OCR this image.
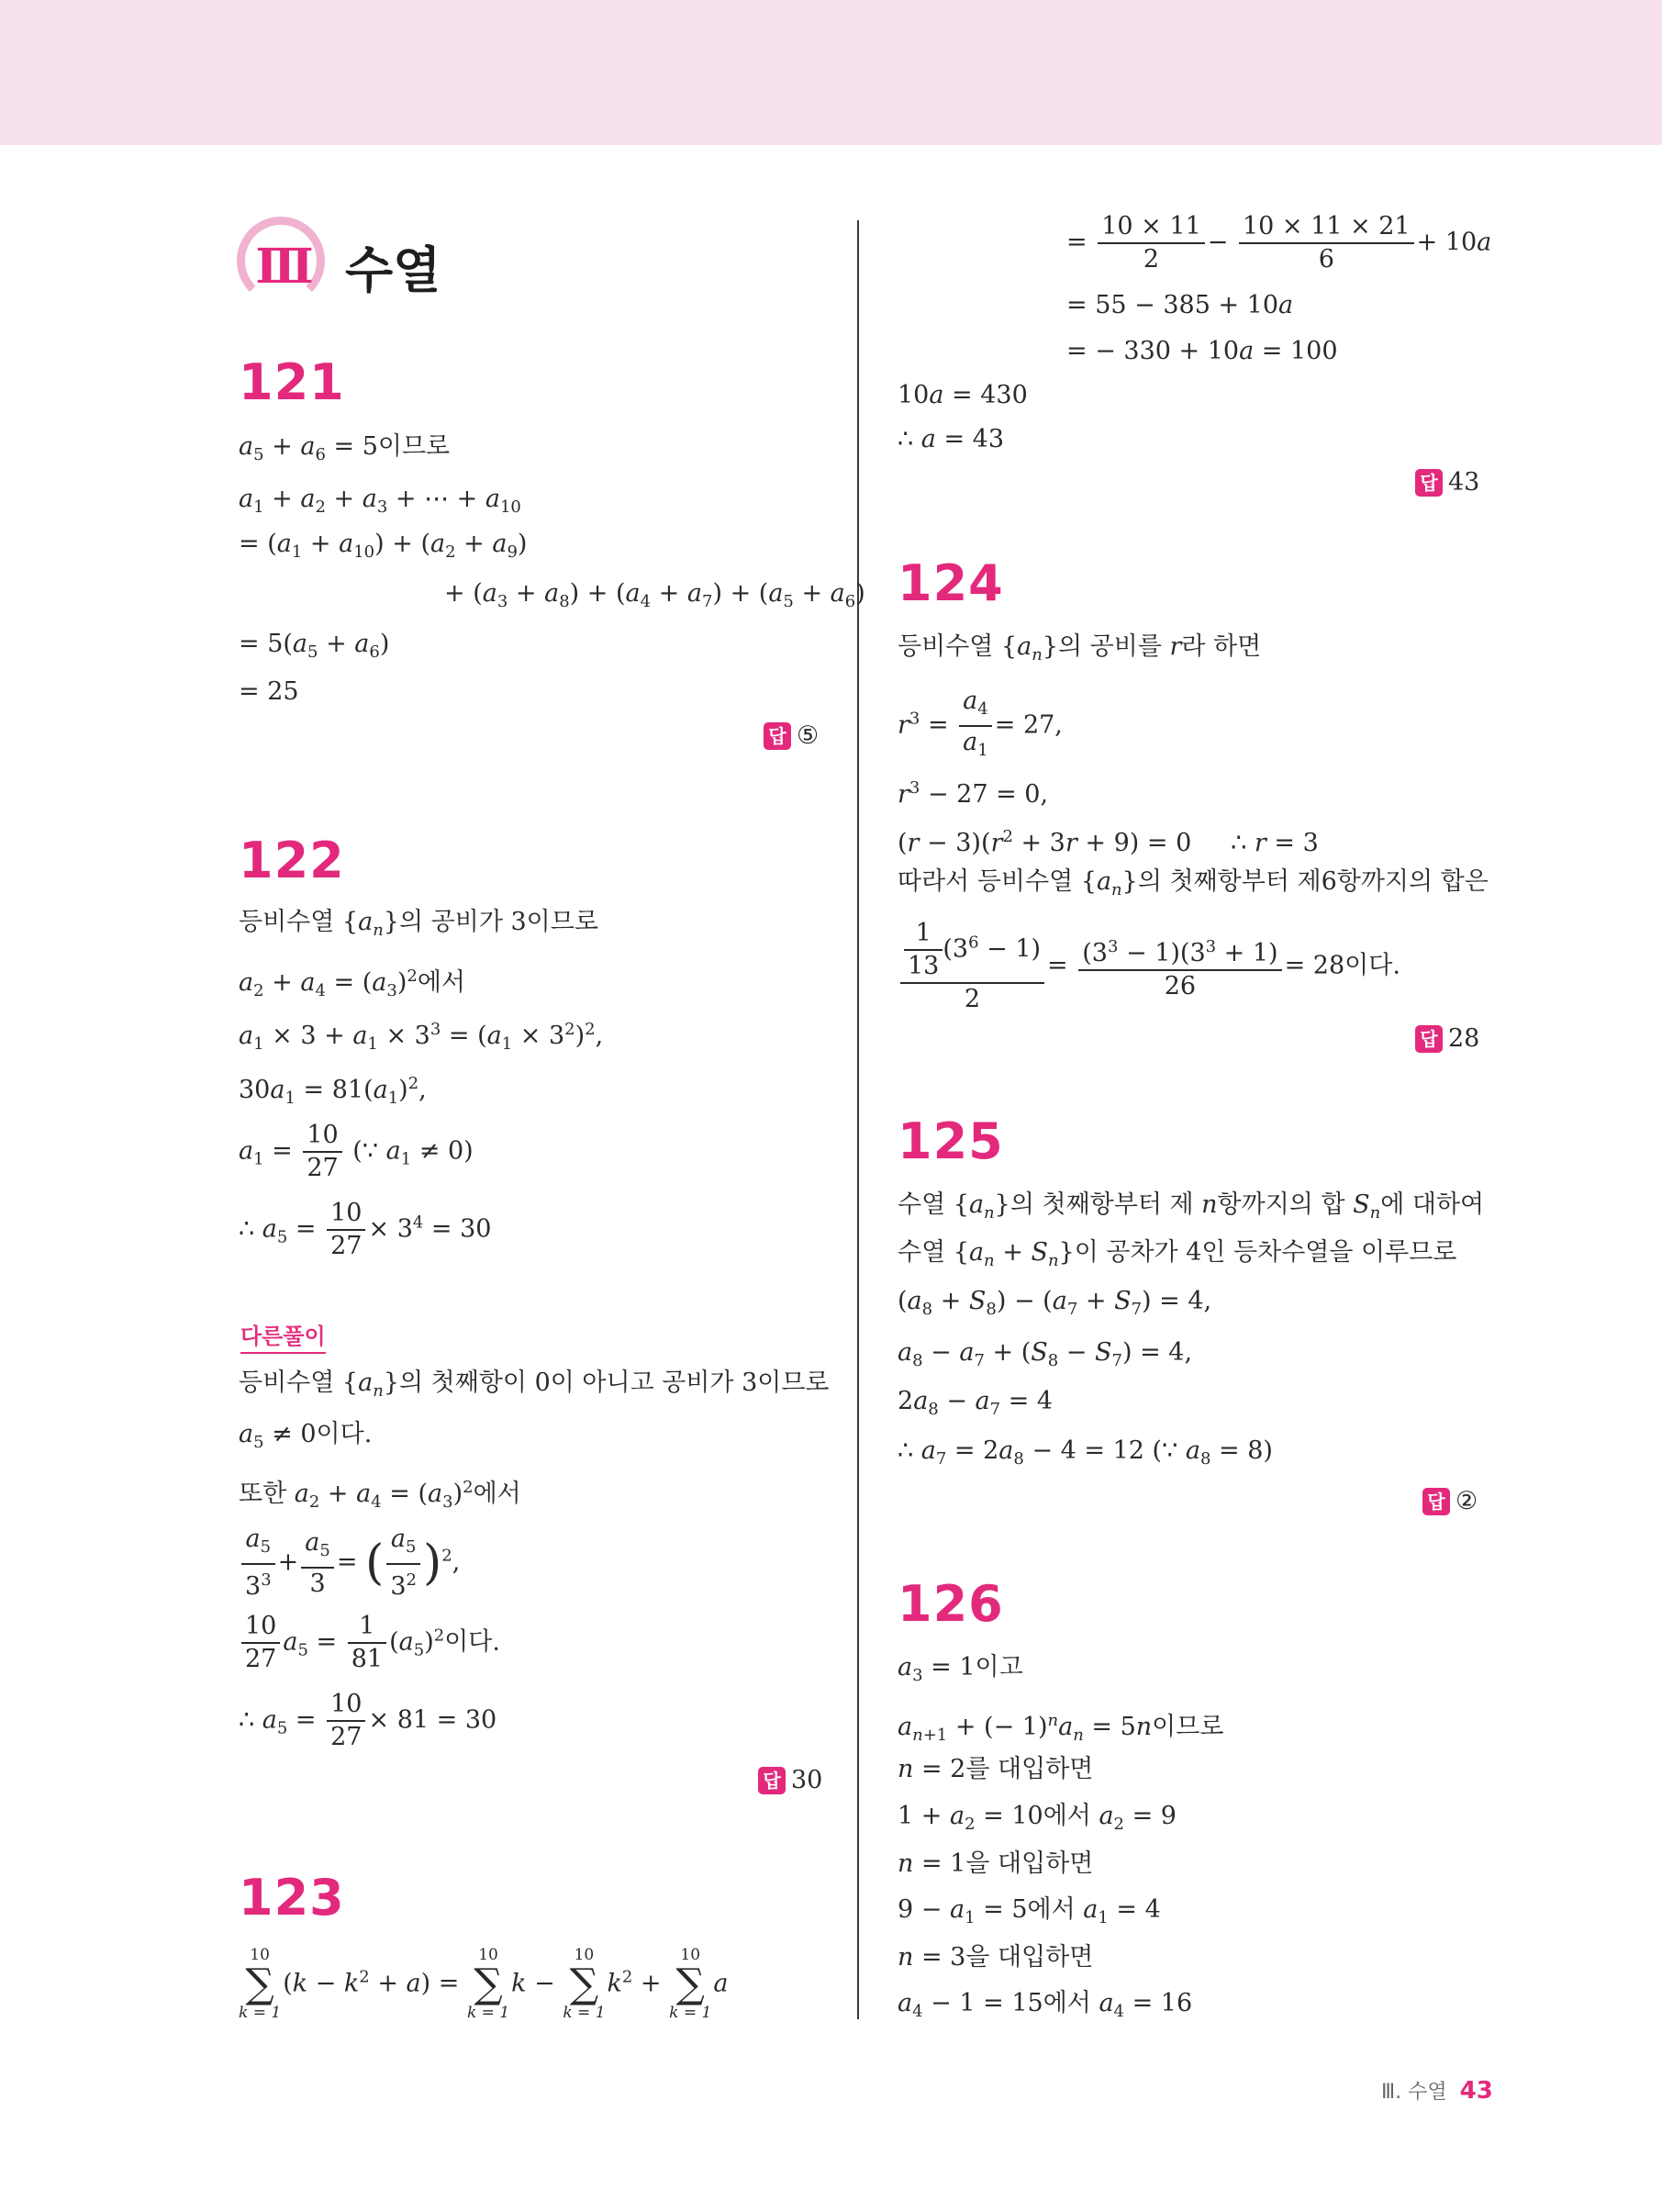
Ⅲ 수열
121
$a_5 + a_6 = 5$이므로
$a_1 + a_2 + a_3$ + ⋯ + $a_{10}$
= $(a_1 + a_{10}) + (a_2 + a_9)$
+ $(a_3 + a_8) + (a_4 + a_7) + (a_5 + a_6)$
= $5(a_5 + a_6)$
= 25
답 ⑤
122
등비수열 $\{a_n\}$의 공비가 3이므로
$a_2 + a_4 = (a_3)^2$에서
$a_1 \times 3 + a_1 \times 3^3 = (a_1 \times 3^2)^2$,
$30a_1 = 81(a_1)^2$,
$a_1 = \frac{10}{27}$ (∵ $a_1 \ne 0$)
∴ $a_5 = \frac{10}{27} \times 3^4 = 30$
다른풀이
등비수열 $\{a_n\}$의 첫째항이 0이 아니고 공비가 3이므로
$a_5 \ne 0$이다.
또한 $a_2 + a_4 = (a_3)^2$에서
$\frac{a_5}{3^3} + \frac{a_5}{3}$ = ( $\frac{a_5}{3^2} )^2$,
$\frac{10}{27} a_5 = \frac{1}{81} (a_5)^2$이다.
∴ $a_5 = \frac{10}{27} \times 81 = 30$
답 30
123
10
∑
k = 1
$(k - k^2 + a)$ =
10
∑
k = 1
k −
10
∑
k = 1
$k^2$ +
10
∑
k = 1
a
= $\frac{10 \times 11}{2} - \frac{10 \times 11 \times 21}{6} + 10a$
= 55 − 385 + 10a
= − 330 + 10a = 100
10a = 430
∴ a = 43
답 43
124
등비수열 $\{a_n\}$의 공비를 r라 하면
$r^3 = \frac{a_4}{a_1} = 27$,
$r^3 - 27 = 0$,
$(r - 3)(r^2 + 3r + 9) = 0$     ∴ r = 3
따라서 등비수열 $\{a_n\}$의 첫째항부터 제6항까지의 합은
$\frac{\frac{1}{13} (3^6 - 1)}{2} = \frac{(3^3 - 1)(3^3 + 1)}{26} = 28$이다.
답 28
125
수열 $\{a_n\}$의 첫째항부터 제 n항까지의 합 $S_n$에 대하여
수열 $\{a_n + S_n\}$이 공차가 4인 등차수열을 이루므로
$(a_8 + S_8) - (a_7 + S_7) = 4$,
$a_8 - a_7 + (S_8 - S_7) = 4$,
$2a_8 - a_7 = 4$
∴ $a_7 = 2a_8 - 4 = 12$ (∵ $a_8 = 8$)
답 ②
126
$a_3 = 1$이고
$a_{n+1}$ + (− $1)^na_n = 5n$이므로
n = 2를 대입하면
$1 + a_2 = 10$에서 $a_2 = 9$
n = 1을 대입하면
$9 - a_1 = 5$에서 $a_1 = 4$
n = 3을 대입하면
$a_4 - 1 = 15$에서 $a_4 = 16$
Ⅲ. 수열 43
